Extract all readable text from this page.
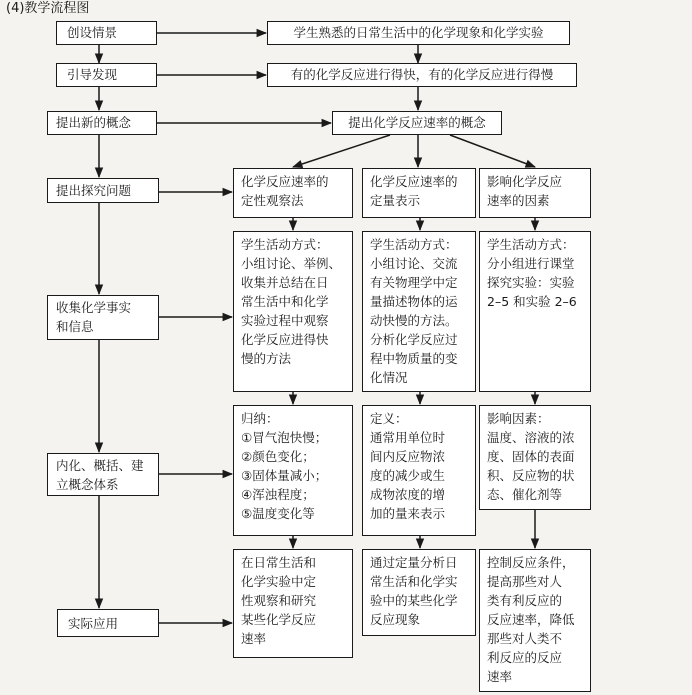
(4)教学流程图
创设情景
引导发现
提出新的概念
提出探究问题
收集化学事实
和信息
内化、概括、建
立概念体系
实际应用
学生熟悉的日常生活中的化学现象和化学实验
有的化学反应进行得快，有的化学反应进行得慢
提出化学反应速率的概念
化学反应速率的
定性观察法
学生活动方式：
小组讨论、举例、
收集并总结在日
常生活中和化学
实验过程中观察
化学反应进得快
慢的方法
归纳：
①冒气泡快慢；
②颜色变化；
③固体量减小；
④浑浊程度；
⑤温度变化等
在日常生活和
化学实验中定
性观察和研究
某些化学反应
速率
化学反应速率的
定量表示
学生活动方式：
小组讨论、交流
有关物理学中定
量描述物体的运
动快慢的方法。
分析化学反应过
程中物质量的变
化情况
定义：
通常用单位时
间内反应物浓
度的减少或生
成物浓度的增
加的量来表示
通过定量分析日
常生活和化学实
验中的某些化学
反应现象
影响化学反应
速率的因素
学生活动方式：
分小组进行课堂
探究实验：实验
2–5 和实验 2–6
影响因素：
温度、溶液的浓
度、固体的表面
积、反应物的状
态、催化剂等
控制反应条件，
提高那些对人
类有利反应的
反应速率，降低
那些对人类不
利反应的反应
速率
